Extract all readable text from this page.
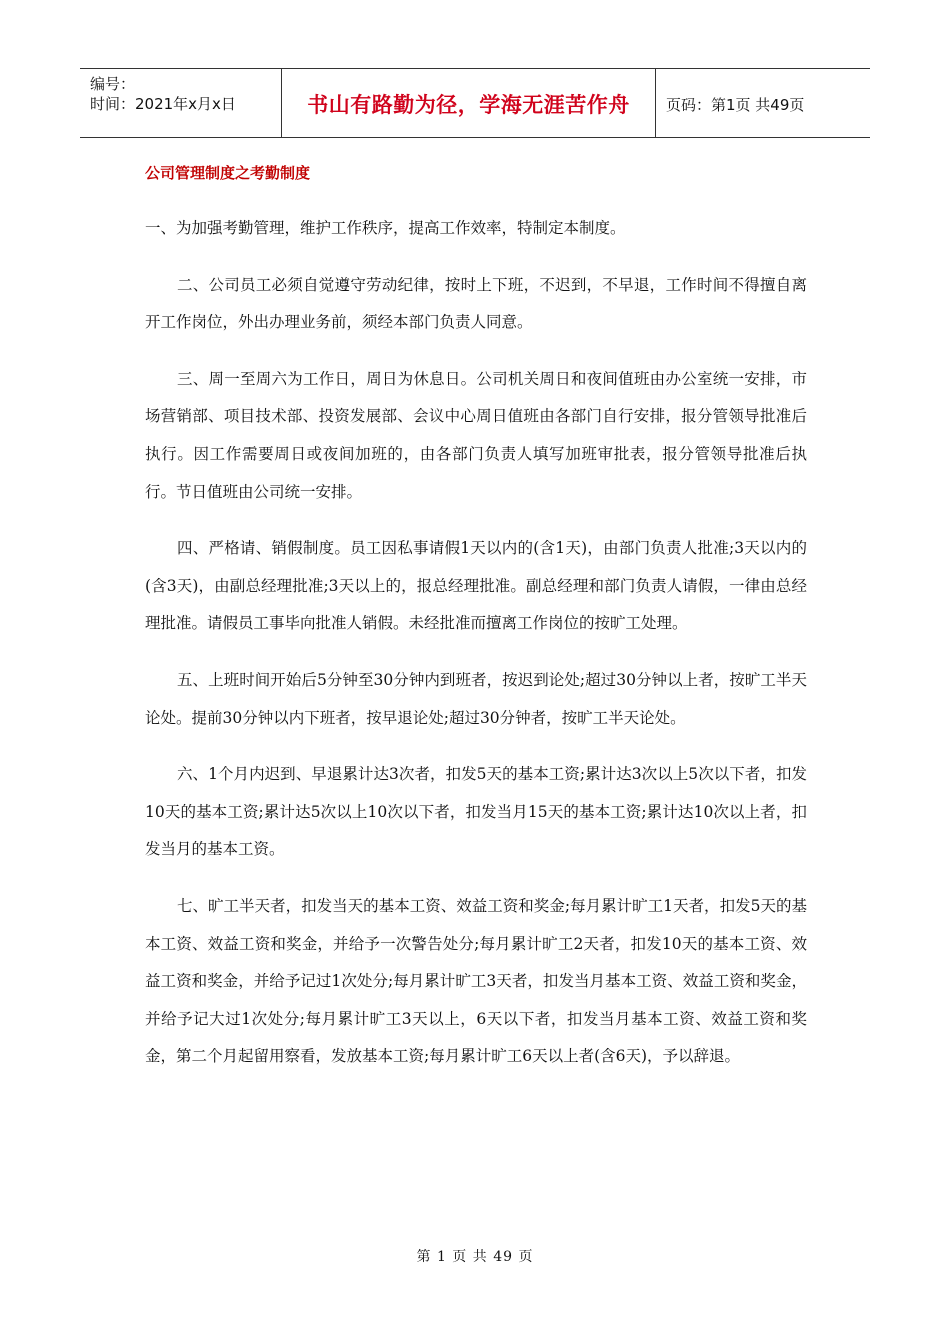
编号：
时间：2021年x月x日	书山有路勤为径，学海无涯苦作舟	页码：第1页 共49页
公司管理制度之考勤制度

一、为加强考勤管理，维护工作秩序，提高工作效率，特制定本制度。

二、公司员工必须自觉遵守劳动纪律，按时上下班，不迟到，不早退，工作时间不得擅自离开工作岗位，外出办理业务前，须经本部门负责人同意。

三、周一至周六为工作日，周日为休息日。公司机关周日和夜间值班由办公室统一安排，市场营销部、项目技术部、投资发展部、会议中心周日值班由各部门自行安排，报分管领导批准后执行。因工作需要周日或夜间加班的，由各部门负责人填写加班审批表，报分管领导批准后执行。节日值班由公司统一安排。

四、严格请、销假制度。员工因私事请假1天以内的(含1天)，由部门负责人批准;3天以内的(含3天)，由副总经理批准;3天以上的，报总经理批准。副总经理和部门负责人请假，一律由总经理批准。请假员工事毕向批准人销假。未经批准而擅离工作岗位的按旷工处理。

五、上班时间开始后5分钟至30分钟内到班者，按迟到论处;超过30分钟以上者，按旷工半天论处。提前30分钟以内下班者，按早退论处;超过30分钟者，按旷工半天论处。

六、1个月内迟到、早退累计达3次者，扣发5天的基本工资;累计达3次以上5次以下者，扣发10天的基本工资;累计达5次以上10次以下者，扣发当月15天的基本工资;累计达10次以上者，扣发当月的基本工资。

七、旷工半天者，扣发当天的基本工资、效益工资和奖金;每月累计旷工1天者，扣发5天的基本工资、效益工资和奖金，并给予一次警告处分;每月累计旷工2天者，扣发10天的基本工资、效益工资和奖金，并给予记过1次处分;每月累计旷工3天者，扣发当月基本工资、效益工资和奖金，并给予记大过1次处分;每月累计旷工3天以上，6天以下者，扣发当月基本工资、效益工资和奖金，第二个月起留用察看，发放基本工资;每月累计旷工6天以上者(含6天)，予以辞退。

第 1 页 共 49 页
